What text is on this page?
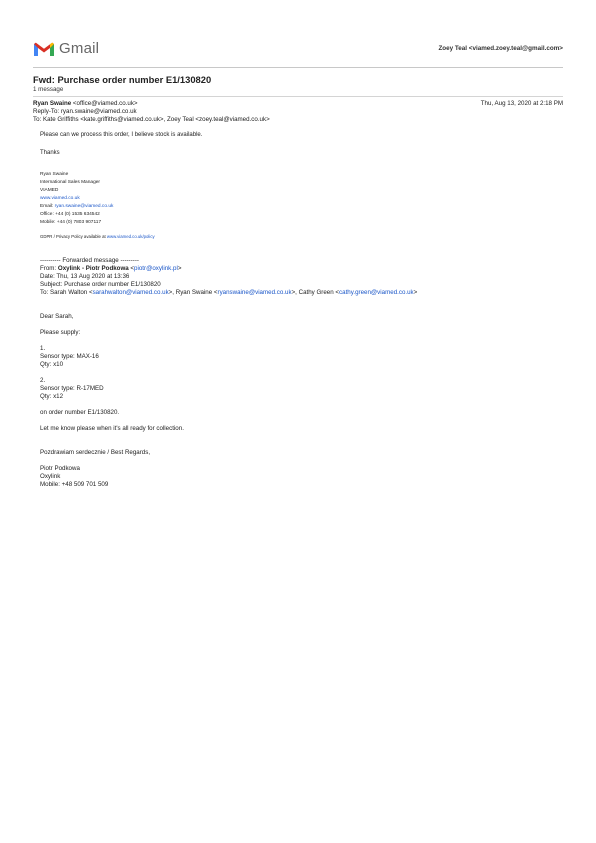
Gmail	Zoey Teal <viamed.zoey.teal@gmail.com>
Fwd: Purchase order number E1/130820
1 message
Ryan Swaine <office@viamed.co.uk>	Thu, Aug 13, 2020 at 2:18 PM
Reply-To: ryan.swaine@viamed.co.uk
To: Kate Griffiths <kate.griffiths@viamed.co.uk>, Zoey Teal <zoey.teal@viamed.co.uk>
Please can we process this order, I believe stock is available.
Thanks
Ryan Swaine
International Sales Manager
VIAMED
www.viamed.co.uk
Email: ryan.swaine@viamed.co.uk
Office: +44 (0) 1535 634542
Mobile: +44 (0) 7803 907117
GDPR / Privacy Policy available at www.viamed.co.uk/policy
---------- Forwarded message ---------
From: Oxylink - Piotr Podkowa <piotr@oxylink.pl>
Date: Thu, 13 Aug 2020 at 13:36
Subject: Purchase order number E1/130820
To: Sarah Walton <sarahwalton@viamed.co.uk>, Ryan Swaine <ryanswaine@viamed.co.uk>, Cathy Green <cathy.green@viamed.co.uk>
Dear Sarah,
Please supply:
1.
Sensor type: MAX-16
Qty: x10
2.
Sensor type: R-17MED
Qty: x12
on order number E1/130820.
Let me know please when it's all ready for collection.
Pozdrawiam serdecznie / Best Regards,
Piotr Podkowa
Oxylink
Mobile: +48 509 701 509
